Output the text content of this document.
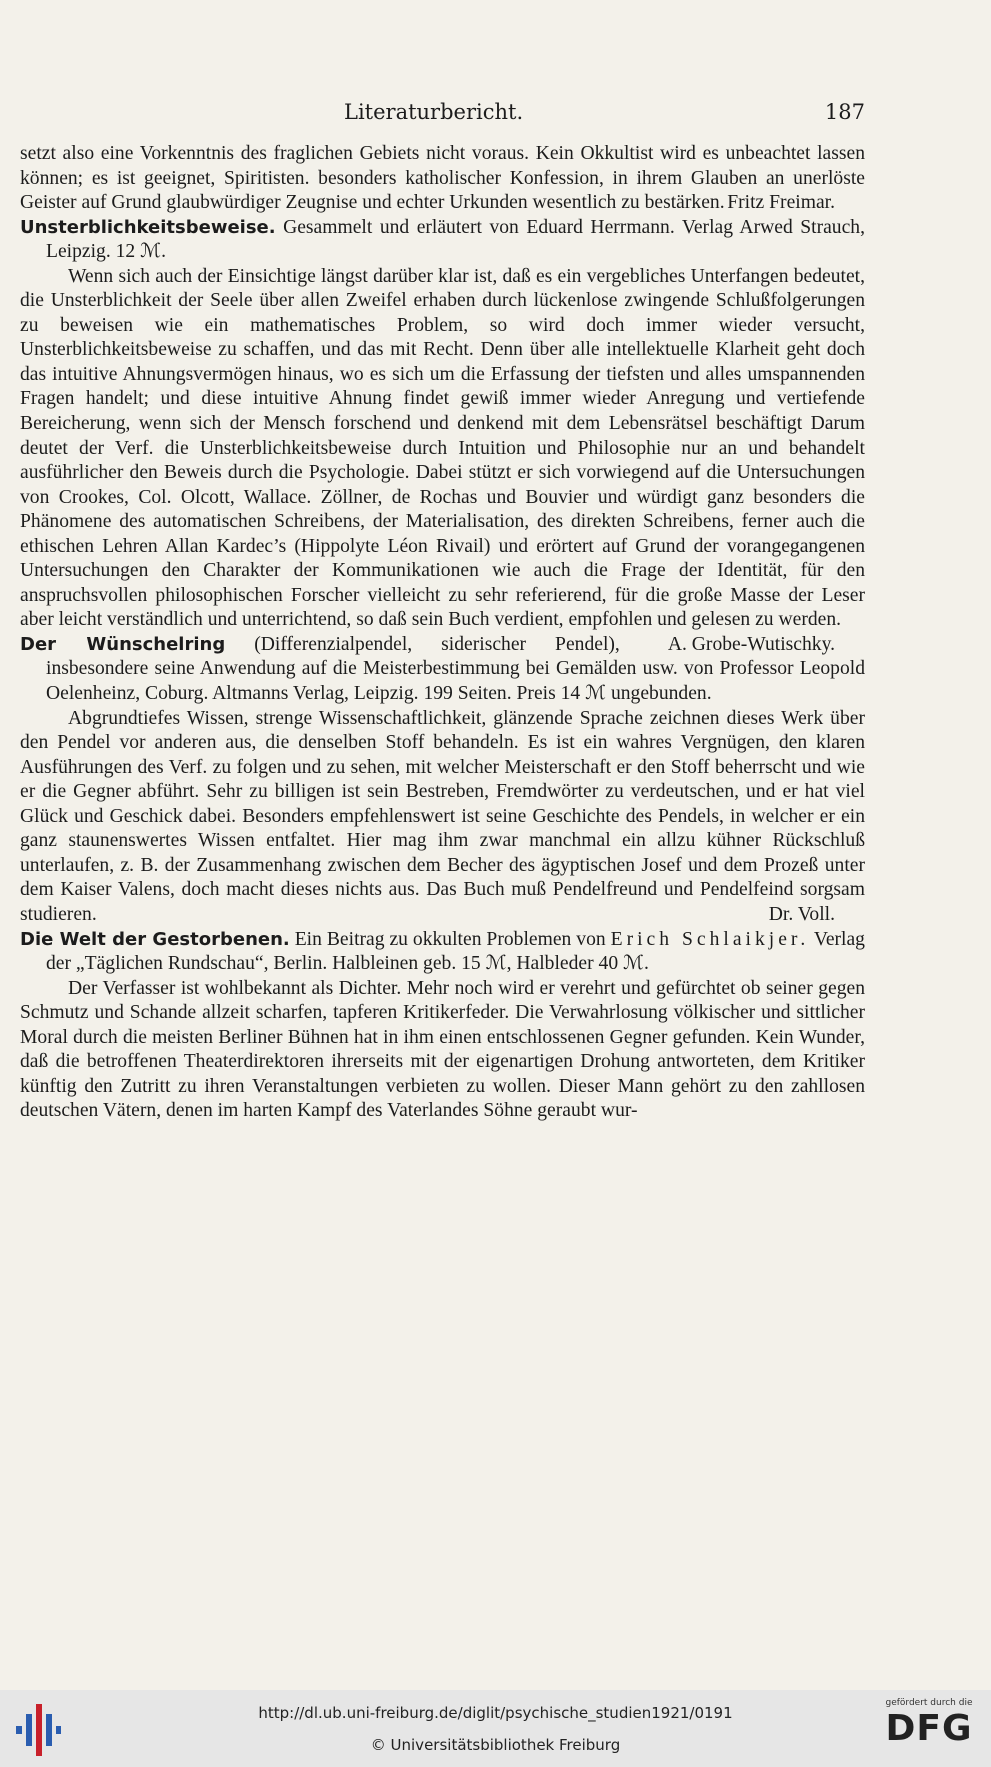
Literaturbericht.	187

setzt also eine Vorkenntnis des fraglichen Gebiets nicht voraus. Kein Okkultist wird es unbeachtet lassen können; es ist geeignet, Spiritisten. besonders katholischer Konfession, in ihrem Glauben an unerlöste Geister auf Grund glaubwürdiger Zeugnise und echter Urkunden wesentlich zu bestärken. Fritz Freimar.

Unsterblichkeitsbeweise. Gesammelt und erläutert von Eduard Herrmann. Verlag Arwed Strauch, Leipzig. 12 ℳ.

Wenn sich auch der Einsichtige längst darüber klar ist, daß es ein vergebliches Unterfangen bedeutet, die Unsterblichkeit der Seele über allen Zweifel erhaben durch lückenlose zwingende Schlußfolgerungen zu beweisen wie ein mathematisches Problem, so wird doch immer wieder versucht, Unsterblichkeitsbeweise zu schaffen, und das mit Recht. Denn über alle intellektuelle Klarheit geht doch das intuitive Ahnungsvermögen hinaus, wo es sich um die Erfassung der tiefsten und alles umspannenden Fragen handelt; und diese intuitive Ahnung findet gewiß immer wieder Anregung und vertiefende Bereicherung, wenn sich der Mensch forschend und denkend mit dem Lebensrätsel beschäftigt Darum deutet der Verf. die Unsterblichkeitsbeweise durch Intuition und Philosophie nur an und behandelt ausführlicher den Beweis durch die Psychologie. Dabei stützt er sich vorwiegend auf die Untersuchungen von Crookes, Col. Olcott, Wallace. Zöllner, de Rochas und Bouvier und würdigt ganz besonders die Phänomene des automatischen Schreibens, der Materialisation, des direkten Schreibens, ferner auch die ethischen Lehren Allan Kardec’s (Hippolyte Léon Rivail) und erörtert auf Grund der vorangegangenen Untersuchungen den Charakter der Kommunikationen wie auch die Frage der Identität, für den anspruchsvollen philosophischen Forscher vielleicht zu sehr referierend, für die große Masse der Leser aber leicht verständlich und unterrichtend, so daß sein Buch verdient, empfohlen und gelesen zu werden.
A. Grobe-Wutischky.

Der Wünschelring (Differenzialpendel, siderischer Pendel), insbesondere seine Anwendung auf die Meisterbestimmung bei Gemälden usw. von Professor Leopold Oelenheinz, Coburg. Altmanns Verlag, Leipzig. 199 Seiten. Preis 14 ℳ ungebunden.

Abgrundtiefes Wissen, strenge Wissenschaftlichkeit, glänzende Sprache zeichnen dieses Werk über den Pendel vor anderen aus, die denselben Stoff behandeln. Es ist ein wahres Vergnügen, den klaren Ausführungen des Verf. zu folgen und zu sehen, mit welcher Meisterschaft er den Stoff beherrscht und wie er die Gegner abführt. Sehr zu billigen ist sein Bestreben, Fremdwörter zu verdeutschen, und er hat viel Glück und Geschick dabei. Besonders empfehlenswert ist seine Geschichte des Pendels, in welcher er ein ganz staunenswertes Wissen entfaltet. Hier mag ihm zwar manchmal ein allzu kühner Rückschluß unterlaufen, z. B. der Zusammenhang zwischen dem Becher des ägyptischen Josef und dem Prozeß unter dem Kaiser Valens, doch macht dieses nichts aus. Das Buch muß Pendelfreund und Pendelfeind sorgsam studieren.	Dr. Voll.

Die Welt der Gestorbenen. Ein Beitrag zu okkulten Problemen von Erich Schlaikjer. Verlag der „Täglichen Rundschau“, Berlin. Halbleinen geb. 15 ℳ, Halbleder 40 ℳ.

Der Verfasser ist wohlbekannt als Dichter. Mehr noch wird er verehrt und gefürchtet ob seiner gegen Schmutz und Schande allzeit scharfen, tapferen Kritikerfeder. Die Verwahrlosung völkischer und sittlicher Moral durch die meisten Berliner Bühnen hat in ihm einen entschlossenen Gegner gefunden. Kein Wunder, daß die betroffenen Theaterdirektoren ihrerseits mit der eigenartigen Drohung antworteten, dem Kritiker künftig den Zutritt zu ihren Veranstaltungen verbieten zu wollen. Dieser Mann gehört zu den zahllosen deutschen Vätern, denen im harten Kampf des Vaterlandes Söhne geraubt wur-

http://dl.ub.uni-freiburg.de/diglit/psychische_studien1921/0191
© Universitätsbibliothek Freiburg
gefördert durch die
DFG
